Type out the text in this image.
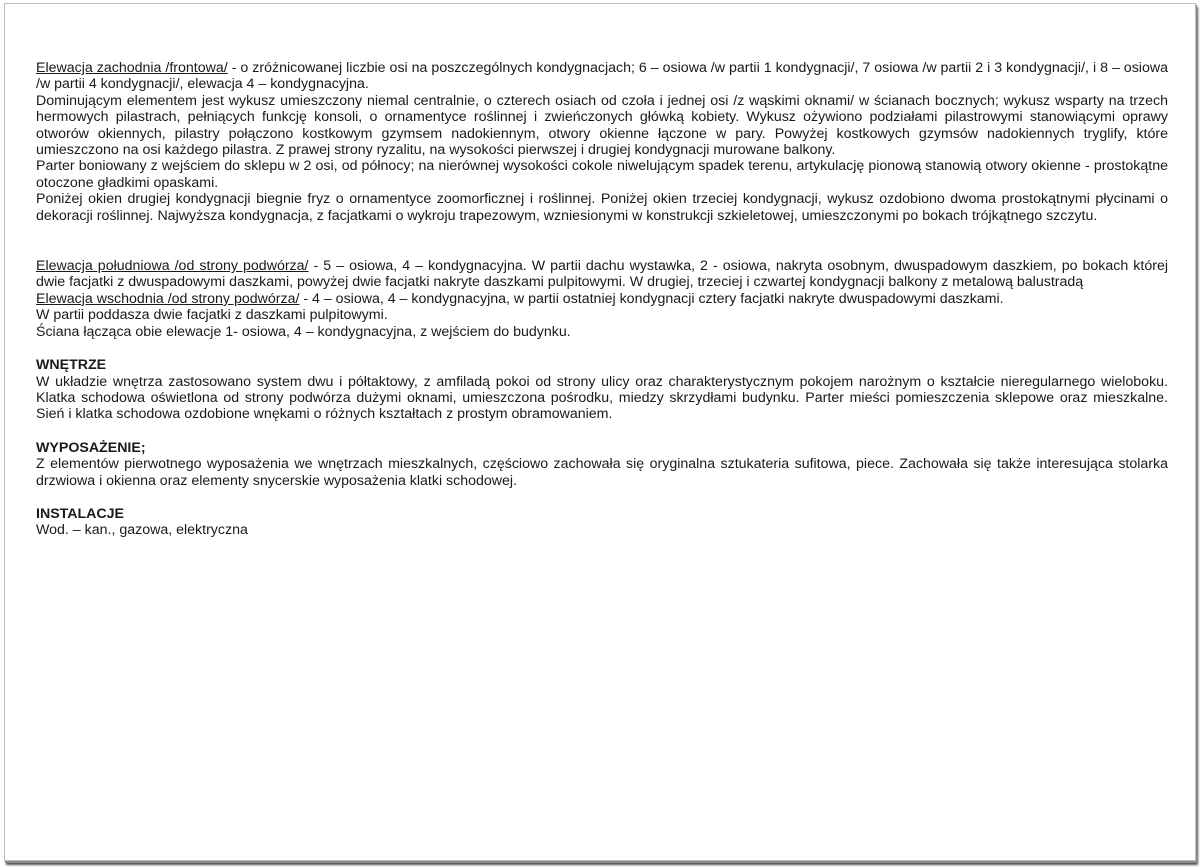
Elewacja zachodnia /frontowa/ - o zróżnicowanej liczbie osi na poszczególnych kondygnacjach; 6 – osiowa /w partii 1 kondygnacji/, 7 osiowa /w partii 2 i 3 kondygnacji/, i 8 – osiowa /w partii 4 kondygnacji/, elewacja 4 – kondygnacyjna.

Dominującym elementem jest wykusz umieszczony niemal centralnie, o czterech osiach od czoła i jednej osi /z wąskimi oknami/ w ścianach bocznych; wykusz wsparty na trzech hermowych pilastrach, pełniących funkcję konsoli, o ornamentyce roślinnej i zwieńczonych główką kobiety. Wykusz ożywiono podziałami pilastrowymi stanowiącymi oprawy otworów okiennych, pilastry połączono kostkowym gzymsem nadokiennym, otwory okienne łączone w pary. Powyżej kostkowych gzymsów nadokiennych tryglify, które umieszczono na osi każdego pilastra. Z prawej strony ryzalitu, na wysokości pierwszej i drugiej kondygnacji murowane balkony.

Parter boniowany z wejściem do sklepu w 2 osi, od północy; na nierównej wysokości cokole niwelującym spadek terenu, artykulację pionową stanowią otwory okienne - prostokątne otoczone gładkimi opaskami.

Poniżej okien drugiej kondygnacji biegnie fryz o ornamentyce zoomorficznej i roślinnej. Poniżej okien trzeciej kondygnacji, wykusz ozdobiono dwoma prostokątnymi płycinami o dekoracji roślinnej. Najwyższa kondygnacja, z facjatkami o wykroju trapezowym, wzniesionymi w konstrukcji szkieletowej, umieszczonymi po bokach trójkątnego szczytu.

Elewacja południowa /od strony podwórza/ - 5 – osiowa, 4 – kondygnacyjna. W partii dachu wystawka, 2 - osiowa, nakryta osobnym, dwuspadowym daszkiem, po bokach której dwie facjatki z dwuspadowymi daszkami, powyżej dwie facjatki nakryte daszkami pulpitowymi. W drugiej, trzeciej i czwartej kondygnacji balkony z metalową balustradą

Elewacja wschodnia /od strony podwórza/ - 4 – osiowa, 4 – kondygnacyjna, w partii ostatniej kondygnacji cztery facjatki nakryte dwuspadowymi daszkami.

W partii poddasza dwie facjatki z daszkami pulpitowymi.

Ściana łącząca obie elewacje 1- osiowa, 4 – kondygnacyjna, z wejściem do budynku.

WNĘTRZE

W układzie wnętrza zastosowano system dwu i półtaktowy, z amfiladą pokoi od strony ulicy oraz charakterystycznym pokojem narożnym o kształcie nieregularnego wieloboku. Klatka schodowa oświetlona od strony podwórza dużymi oknami, umieszczona pośrodku, miedzy skrzydłami budynku. Parter mieści pomieszczenia sklepowe oraz mieszkalne. Sień i klatka schodowa ozdobione wnękami o różnych kształtach z prostym obramowaniem.

WYPOSAŻENIE;

Z elementów pierwotnego wyposażenia we wnętrzach mieszkalnych, częściowo zachowała się oryginalna sztukateria sufitowa, piece. Zachowała się także interesująca stolarka drzwiowa i okienna oraz elementy snycerskie wyposażenia klatki schodowej.

INSTALACJE

Wod. – kan., gazowa, elektryczna
